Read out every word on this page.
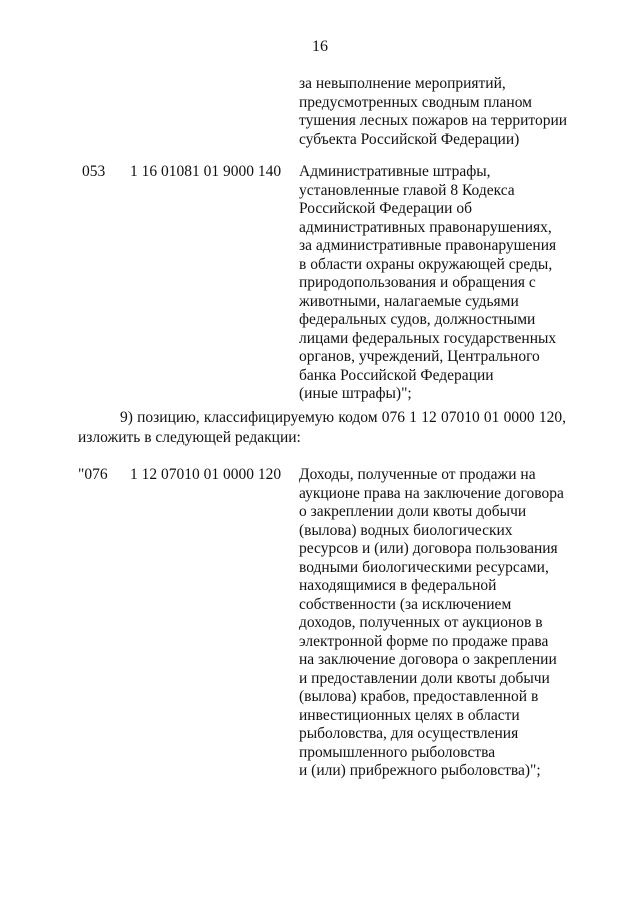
16
за невыполнение мероприятий,
предусмотренных сводным планом
тушения лесных пожаров на территории
субъекта Российской Федерации)
053 1 16 01081 01 9000 140 Административные штрафы,
установленные главой 8 Кодекса
Российской Федерации об
административных правонарушениях,
за административные правонарушения
в области охраны окружающей среды,
природопользования и обращения с
животными, налагаемые судьями
федеральных судов, должностными
лицами федеральных государственных
органов, учреждений, Центрального
банка Российской Федерации
(иные штрафы)";
9) позицию, классифицируемую кодом 076 1 12 07010 01 0000 120,
изложить в следующей редакции:
"076 1 12 07010 01 0000 120 Доходы, полученные от продажи на
аукционе права на заключение договора
о закреплении доли квоты добычи
(вылова) водных биологических
ресурсов и (или) договора пользования
водными биологическими ресурсами,
находящимися в федеральной
собственности (за исключением
доходов, полученных от аукционов в
электронной форме по продаже права
на заключение договора о закреплении
и предоставлении доли квоты добычи
(вылова) крабов, предоставленной в
инвестиционных целях в области
рыболовства, для осуществления
промышленного рыболовства
и (или) прибрежного рыболовства)";
